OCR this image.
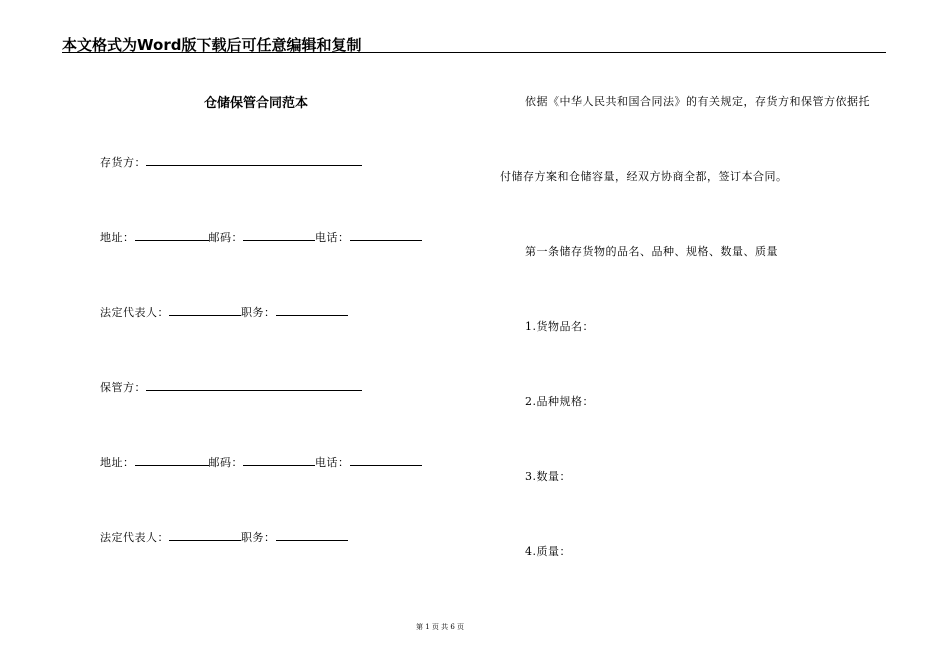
本文格式为Word版下载后可任意编辑和复制
仓储保管合同范本
存货方：
地址：	邮码：	电话：
法定代表人：	职务：
保管方：
地址：	邮码：	电话：
法定代表人：	职务：
依据《中华人民共和国合同法》的有关规定，存货方和保管方依据托
付储存方案和仓储容量，经双方协商全都，签订本合同。
第一条储存货物的品名、品种、规格、数量、质量
1.货物品名：
2.品种规格：
3.数量：
4.质量：
第 1 页 共 6 页
